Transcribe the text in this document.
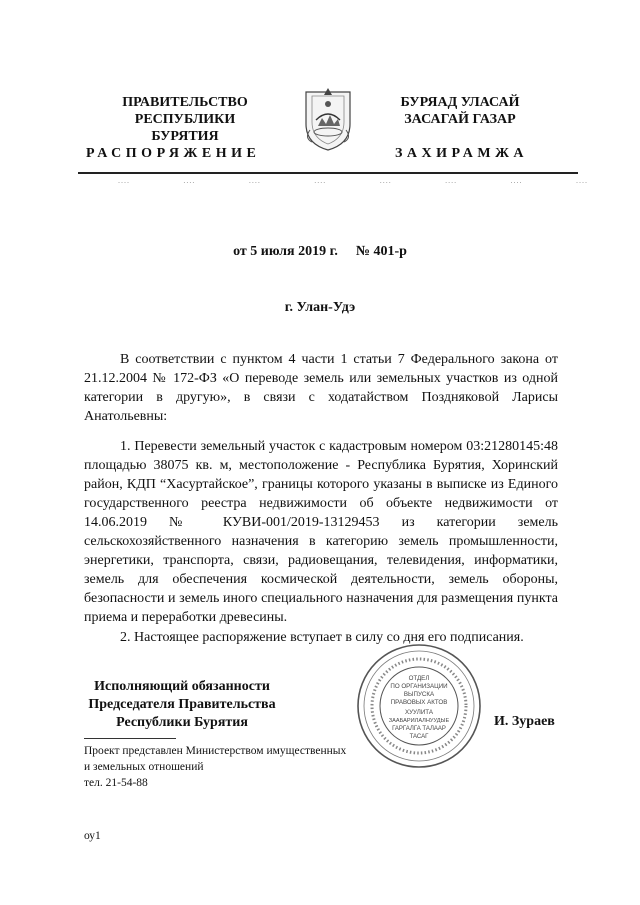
ПРАВИТЕЛЬСТВО
РЕСПУБЛИКИ БУРЯТИЯ
БУРЯАД УЛАСАЙ
ЗАСАГАЙ ГАЗАР
РАСПОРЯЖЕНИЕ	ЗАХИРАМЖА
....	....	....	....	....	....	....	....
от 5 июля 2019 г. № 401-р
г. Улан-Удэ
В соответствии с пунктом 4 части 1 статьи 7 Федерального закона от 21.12.2004 № 172-ФЗ «О переводе земель или земельных участков из одной категории в другую», в связи с ходатайством Поздняковой Ларисы Анатольевны:
1. Перевести земельный участок с кадастровым номером 03:21280145:48 площадью 38075 кв. м, местоположение - Республика Бурятия, Хоринский район, КДП “Хасуртайское”, границы которого указаны в выписке из Единого государственного реестра недвижимости об объекте недвижимости от 14.06.2019 № КУВИ-001/2019-13129453 из категории земель сельскохозяйственного назначения в категорию земель промышленности, энергетики, транспорта, связи, радиовещания, телевидения, информатики, земель для обеспечения космической деятельности, земель обороны, безопасности и земель иного специального назначения для размещения пункта приема и переработки древесины.
2. Настоящее распоряжение вступает в силу со дня его подписания.
Исполняющий обязанности
Председателя Правительства
Республики Бурятия
ОТДЕЛ
ПО ОРГАНИЗАЦИИ
ВЫПУСКА
ПРАВОВЫХ АКТОВ
ХУУЛИТА
ЗААБАРИЛАЛНУУДЫЕ
ГАРГАЛГА ТАЛААР
ТАСАГ
И. Зураев
Проект представлен Министерством имущественных
и земельных отношений
тел. 21-54-88
оу1
